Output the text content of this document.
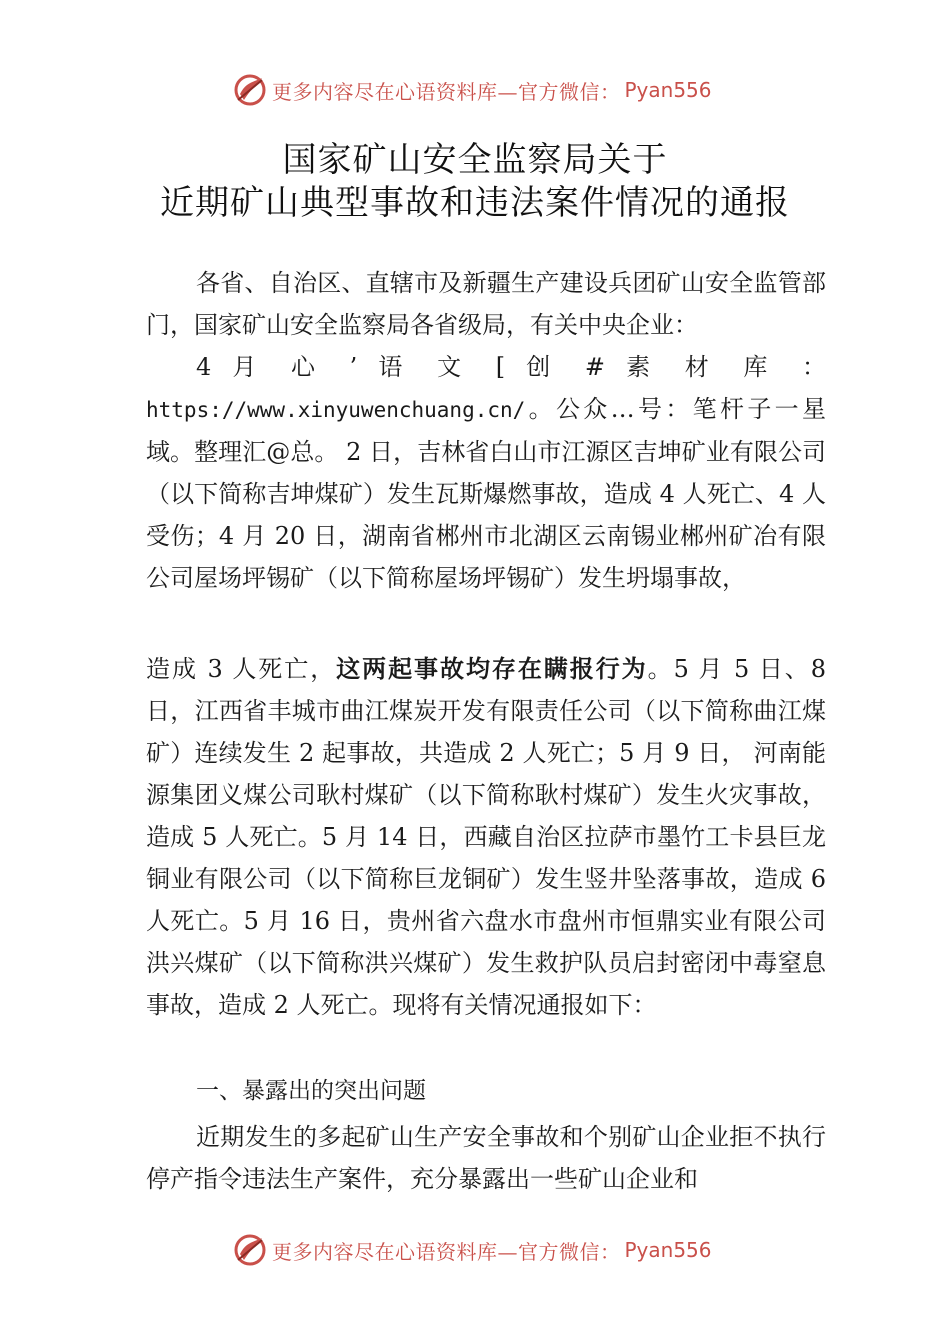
更多内容尽在心语资料库—官方微信： Pyan556
国家矿山安全监察局关于
近期矿山典型事故和违法案件情况的通报

各省、自治区、直辖市及新疆生产建设兵团矿山安全监管部门，国家矿山安全监察局各省级局，有关中央企业：

4 月 心 ’ 语 文 [ 创 # 素 材 库 ：
https://www.xinyuwenchuang.cn/。公众…号：笔杆子一星域。整理汇@总。 2 日，吉林省白山市江源区吉坤矿业有限公司（以下简称吉坤煤矿）发生瓦斯爆燃事故，造成 4 人死亡、4 人受伤；4 月 20 日，湖南省郴州市北湖区云南锡业郴州矿冶有限公司屋场坪锡矿（以下简称屋场坪锡矿）发生坍塌事故，

造成 3 人死亡，这两起事故均存在瞒报行为。5 月 5 日、8 日，江西省丰城市曲江煤炭开发有限责任公司（以下简称曲江煤矿）连续发生 2 起事故，共造成 2 人死亡；5 月 9 日， 河南能源集团义煤公司耿村煤矿（以下简称耿村煤矿）发生火灾事故，造成 5 人死亡。5 月 14 日，西藏自治区拉萨市墨竹工卡县巨龙铜业有限公司（以下简称巨龙铜矿）发生竖井坠落事故，造成 6 人死亡。5 月 16 日，贵州省六盘水市盘州市恒鼎实业有限公司洪兴煤矿（以下简称洪兴煤矿）发生救护队员启封密闭中毒窒息事故，造成 2 人死亡。现将有关情况通报如下：

一、暴露出的突出问题

近期发生的多起矿山生产安全事故和个别矿山企业拒不执行停产指令违法生产案件，充分暴露出一些矿山企业和

更多内容尽在心语资料库—官方微信： Pyan556
